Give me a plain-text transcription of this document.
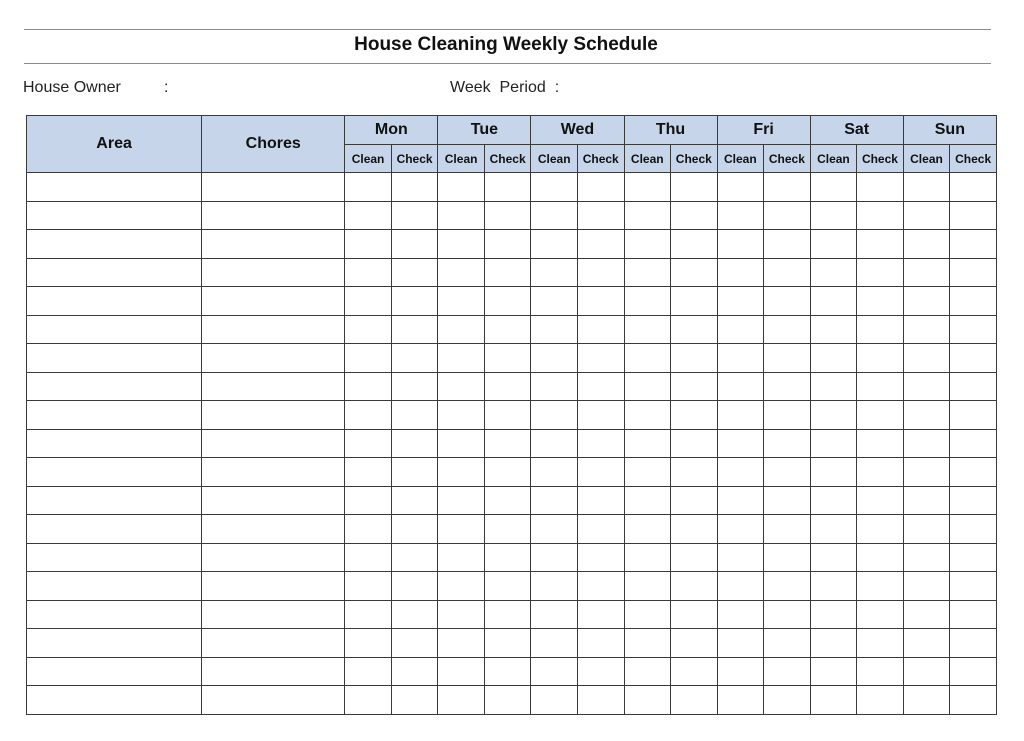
House Cleaning Weekly Schedule
House Owner	:	Week  Period :
Area	Chores	Mon		Tue		Wed		Thu		Fri		Sat		Sun	
		Clean	Check	Clean	Check	Clean	Check	Clean	Check	Clean	Check	Clean	Check	Clean	Check
